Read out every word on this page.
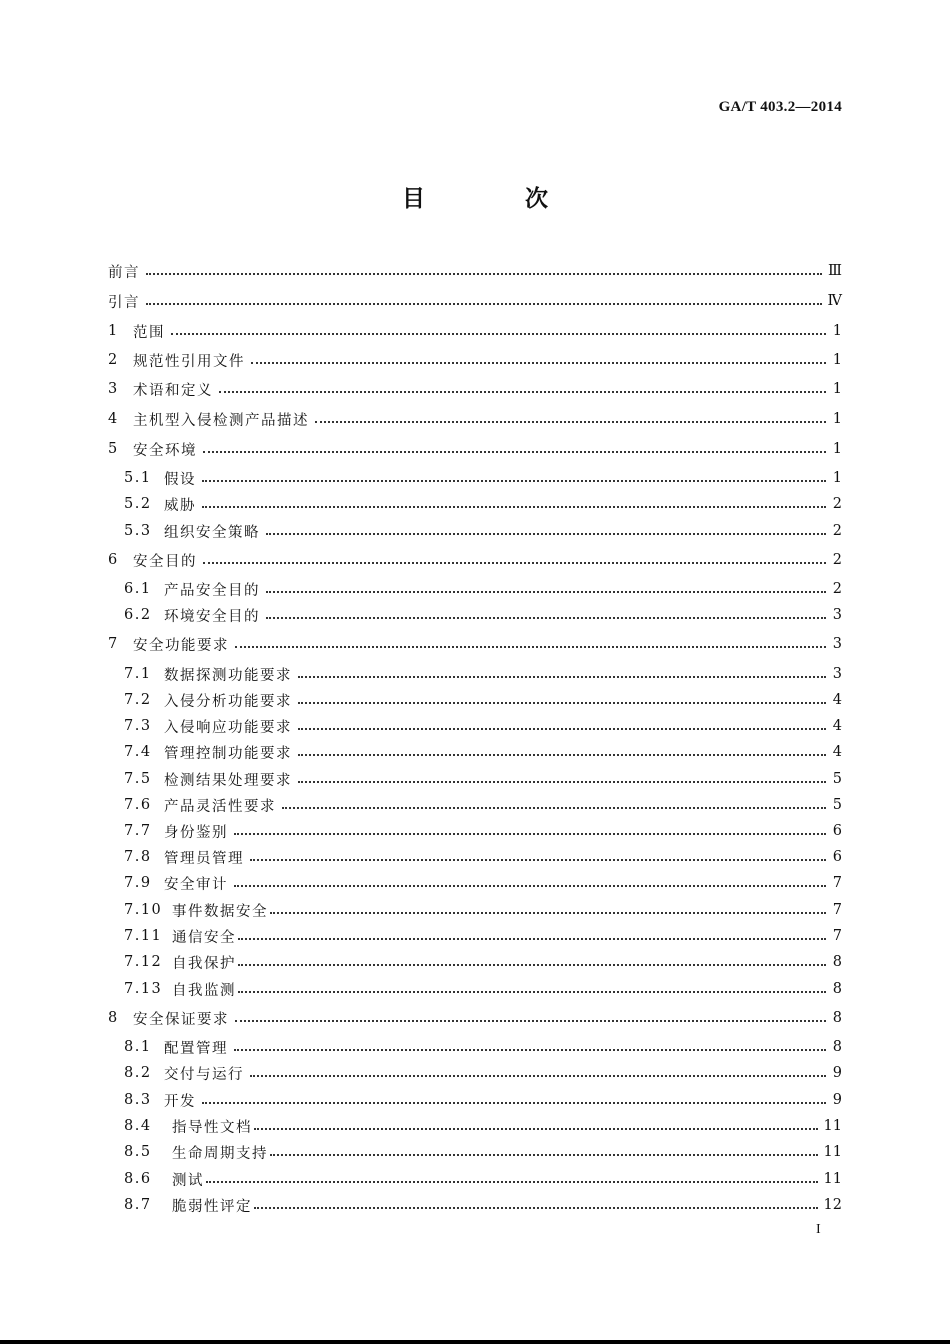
GA/T 403.2—2014
目 次
前言	Ⅲ
引言	Ⅳ
1 范围	1
2 规范性引用文件	1
3 术语和定义	1
4 主机型入侵检测产品描述	1
5 安全环境	1
5.1 假设	1
5.2 威胁	2
5.3 组织安全策略	2
6 安全目的	2
6.1 产品安全目的	2
6.2 环境安全目的	3
7 安全功能要求	3
7.1 数据探测功能要求	3
7.2 入侵分析功能要求	4
7.3 入侵响应功能要求	4
7.4 管理控制功能要求	4
7.5 检测结果处理要求	5
7.6 产品灵活性要求	5
7.7 身份鉴别	6
7.8 管理员管理	6
7.9 安全审计	7
7.10 事件数据安全	7
7.11 通信安全	7
7.12 自我保护	8
7.13 自我监测	8
8 安全保证要求	8
8.1 配置管理	8
8.2 交付与运行	9
8.3 开发	9
8.4	指导性文档	11
8.5	生命周期支持	11
8.6	测试	11
8.7	脆弱性评定	12
I
